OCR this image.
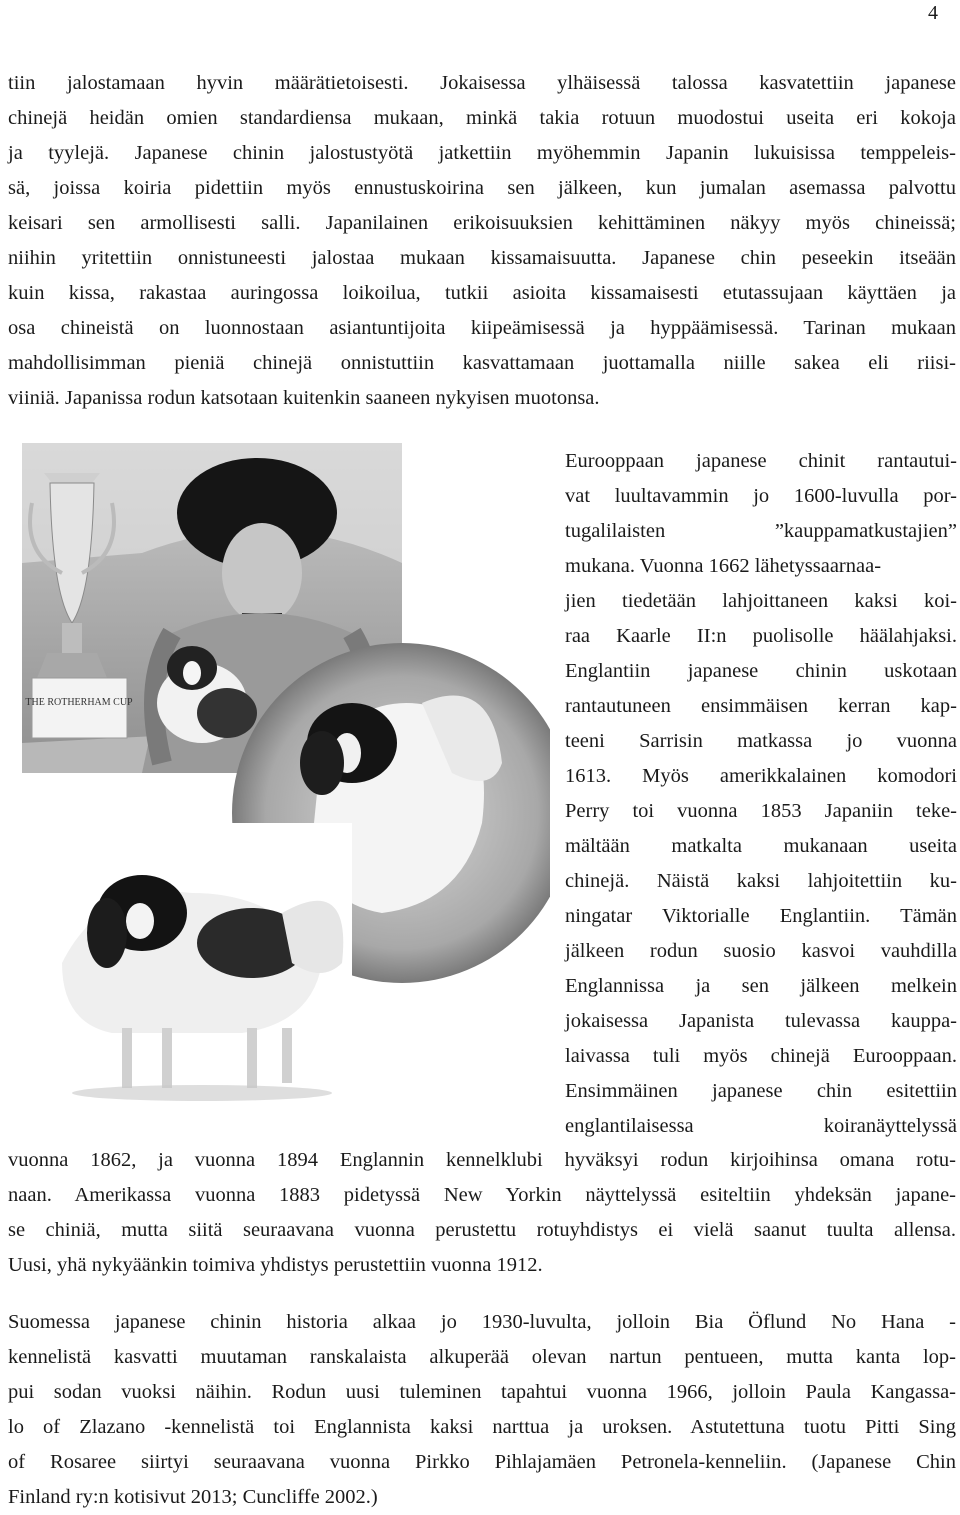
4
tiin jalostamaan hyvin määrätietoisesti. Jokaisessa ylhäisessä talossa kasvatettiin japanese
chinejä heidän omien standardiensa mukaan, minkä takia rotuun muodostui useita eri kokoja
ja tyylejä. Japanese chinin jalostustyötä jatkettiin myöhemmin Japanin lukuisissa temppeleis-
sä, joissa koiria pidettiin myös ennustuskoirina sen jälkeen, kun jumalan asemassa palvottu
keisari sen armollisesti salli. Japanilainen erikoisuuksien kehittäminen näkyy myös chineissä;
niihin yritettiin onnistuneesti jalostaa mukaan kissamaisuutta. Japanese chin peseekin itseään
kuin kissa, rakastaa auringossa loikoilua, tutkii asioita kissamaisesti etutassujaan käyttäen ja
osa chineistä on luonnostaan asiantuntijoita kiipeämisessä ja hyppäämisessä. Tarinan mukaan
mahdollisimman pieniä chinejä onnistuttiin kasvattamaan juottamalla niille sakea eli riisi-
viiniä. Japanissa rodun katsotaan kuitenkin saaneen nykyisen muotonsa.
THE ROTHERHAM CUP
Eurooppaan japanese chinit rantautui-
vat luultavammin jo 1600-luvulla por-
tugalilaisten ”kauppamatkustajien”
mukana. Vuonna 1662 lähetyssaarnaa-
jien tiedetään lahjoittaneen kaksi koi-
raa Kaarle II:n puolisolle häälahjaksi.
Englantiin japanese chinin uskotaan
rantautuneen ensimmäisen kerran kap-
teeni Sarrisin matkassa jo vuonna
1613. Myös amerikkalainen komodori
Perry toi vuonna 1853 Japaniin teke-
mältään matkalta mukanaan useita
chinejä. Näistä kaksi lahjoitettiin ku-
ningatar Viktorialle Englantiin. Tämän
jälkeen rodun suosio kasvoi vauhdilla
Englannissa ja sen jälkeen melkein
jokaisessa Japanista tulevassa kauppa-
laivassa tuli myös chinejä Eurooppaan.
Ensimmäinen japanese chin esitettiin
englantilaisessa koiranäyttelyssä
vuonna 1862, ja vuonna 1894 Englannin kennelklubi hyväksyi rodun kirjoihinsa omana rotu-
naan. Amerikassa vuonna 1883 pidetyssä New Yorkin näyttelyssä esiteltiin yhdeksän japane-
se chiniä, mutta siitä seuraavana vuonna perustettu rotuyhdistys ei vielä saanut tuulta allensa.
Uusi, yhä nykyäänkin toimiva yhdistys perustettiin vuonna 1912.
Suomessa japanese chinin historia alkaa jo 1930-luvulta, jolloin Bia Öflund No Hana -
kennelistä kasvatti muutaman ranskalaista alkuperää olevan nartun pentueen, mutta kanta lop-
pui sodan vuoksi näihin. Rodun uusi tuleminen tapahtui vuonna 1966, jolloin Paula Kangassa-
lo of Zlazano -kennelistä toi Englannista kaksi narttua ja uroksen. Astutettuna tuotu Pitti Sing
of Rosaree siirtyi seuraavana vuonna Pirkko Pihlajamäen Petronela-kenneliin. (Japanese Chin
Finland ry:n kotisivut 2013; Cuncliffe 2002.)
